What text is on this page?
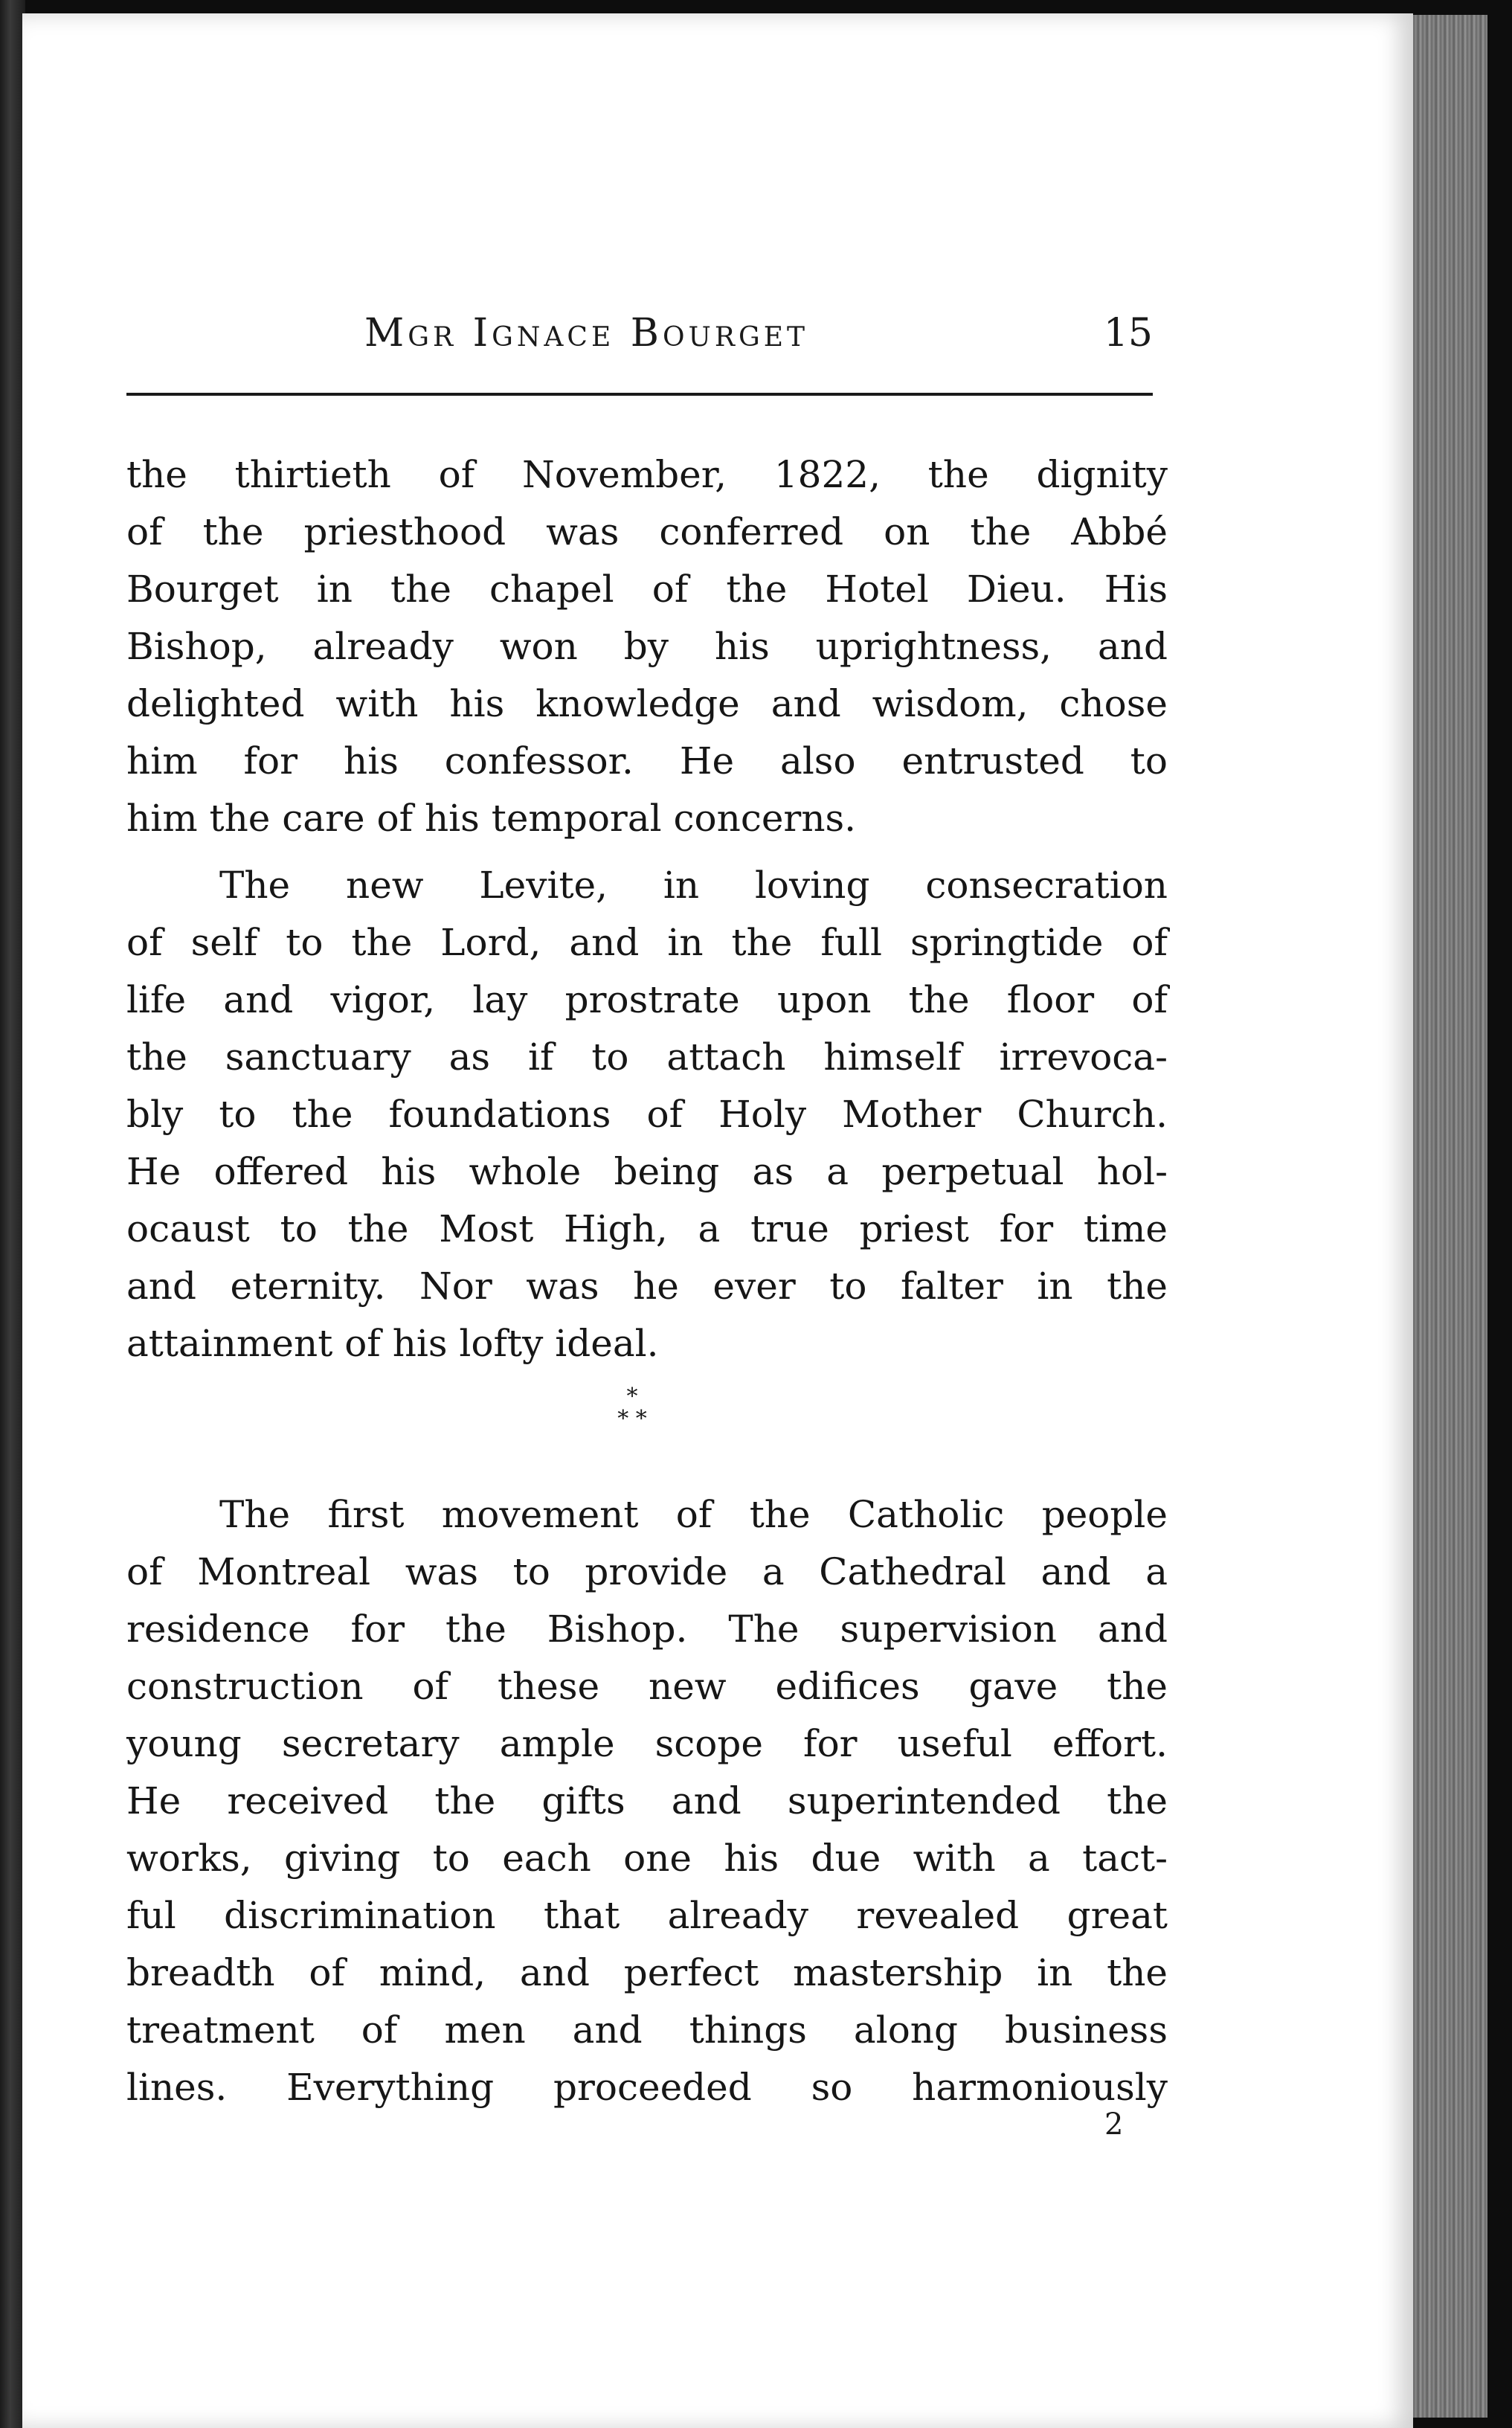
Mgr Ignace Bourget	15
the thirtieth of November, 1822, the dignity
of the priesthood was conferred on the Abbé
Bourget in the chapel of the Hotel Dieu. His
Bishop, already won by his uprightness, and
delighted with his knowledge and wisdom, chose
him for his confessor. He also entrusted to
him the care of his temporal concerns.
The new Levite, in loving consecration
of self to the Lord, and in the full springtide of
life and vigor, lay prostrate upon the floor of
the sanctuary as if to attach himself irrevoca-
bly to the foundations of Holy Mother Church.
He offered his whole being as a perpetual hol-
ocaust to the Most High, a true priest for time
and eternity. Nor was he ever to falter in the
attainment of his lofty ideal.
*
* *
The first movement of the Catholic people
of Montreal was to provide a Cathedral and a
residence for the Bishop. The supervision and
construction of these new edifices gave the
young secretary ample scope for useful effort.
He received the gifts and superintended the
works, giving to each one his due with a tact-
ful discrimination that already revealed great
breadth of mind, and perfect mastership in the
treatment of men and things along business
lines. Everything proceeded so harmoniously
2
